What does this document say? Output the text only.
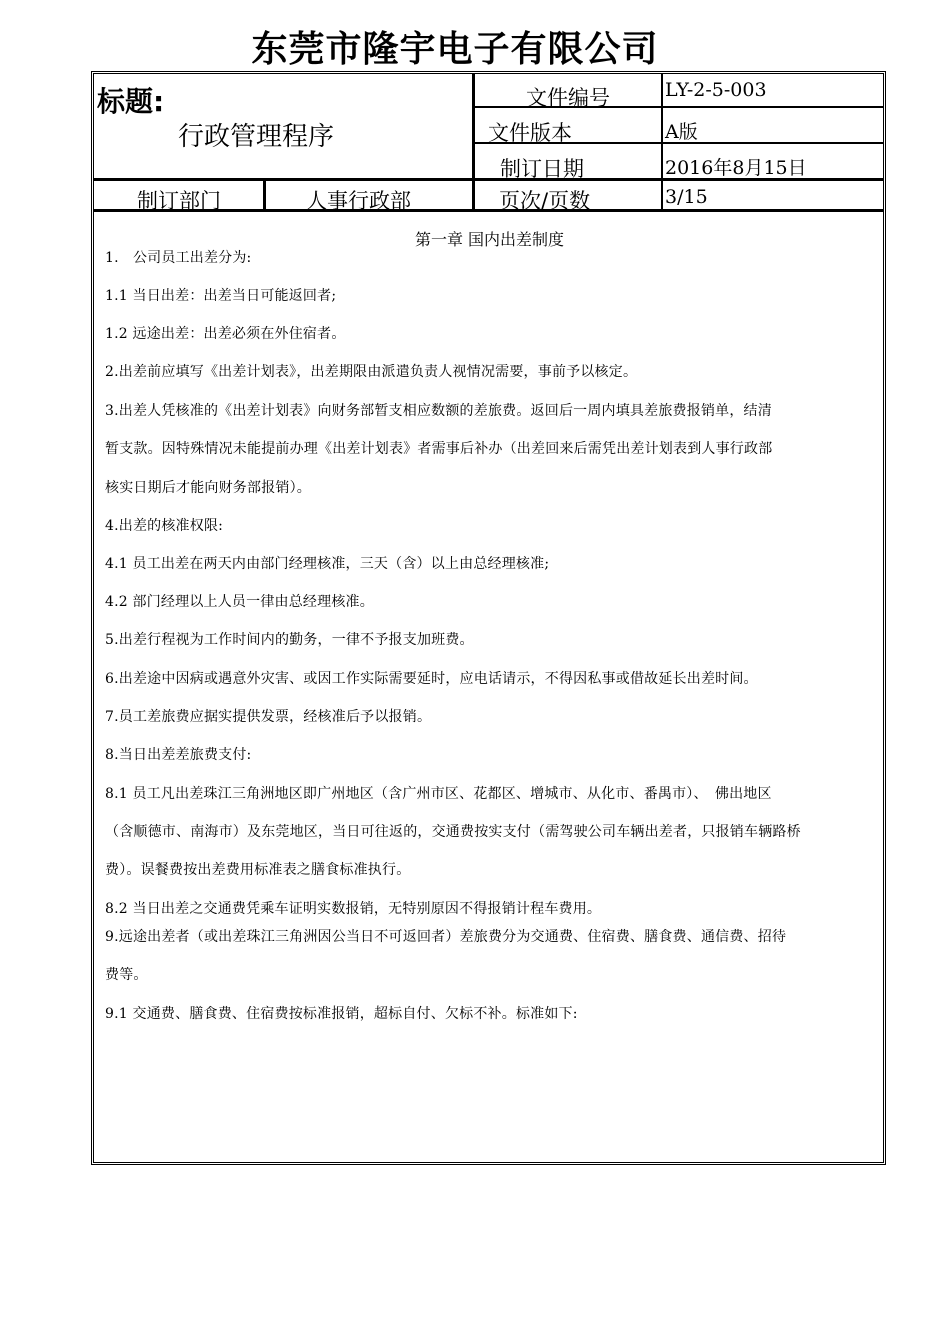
东莞市隆宇电子有限公司
标题:
行政管理程序
文件编号	LY-2-5-003
文件版本	A版
制订日期	2016年8月15日
制订部门	人事行政部	页次/页数	3/15
第一章 国内出差制度
1.　公司员工出差分为:
1.1 当日出差：出差当日可能返回者;
1.2 远途出差：出差必须在外住宿者。
2.出差前应填写《出差计划表》，出差期限由派遣负责人视情况需要，事前予以核定。
3.出差人凭核准的《出差计划表》向财务部暂支相应数额的差旅费。返回后一周内填具差旅费报销单，结清
暂支款。因特殊情况未能提前办理《出差计划表》者需事后补办（出差回来后需凭出差计划表到人事行政部
核实日期后才能向财务部报销）。
4.出差的核准权限:
4.1 员工出差在两天内由部门经理核准，三天（含）以上由总经理核准;
4.2 部门经理以上人员一律由总经理核准。
5.出差行程视为工作时间内的勤务，一律不予报支加班费。
6.出差途中因病或遇意外灾害、或因工作实际需要延时，应电话请示，不得因私事或借故延长出差时间。
7.员工差旅费应据实提供发票，经核准后予以报销。
8.当日出差差旅费支付:
8.1 员工凡出差珠江三角洲地区即广州地区（含广州市区、花都区、增城市、从化市、番禺市）、　佛出地区
（含顺德市、南海市）及东莞地区，当日可往返的，交通费按实支付（需驾驶公司车辆出差者，只报销车辆路桥
费）。误餐费按出差费用标准表之膳食标准执行。
8.2 当日出差之交通费凭乘车证明实数报销，无特别原因不得报销计程车费用。
9.远途出差者（或出差珠江三角洲因公当日不可返回者）差旅费分为交通费、住宿费、膳食费、通信费、招待
费等。
9.1 交通费、膳食费、住宿费按标准报销，超标自付、欠标不补。标准如下:
